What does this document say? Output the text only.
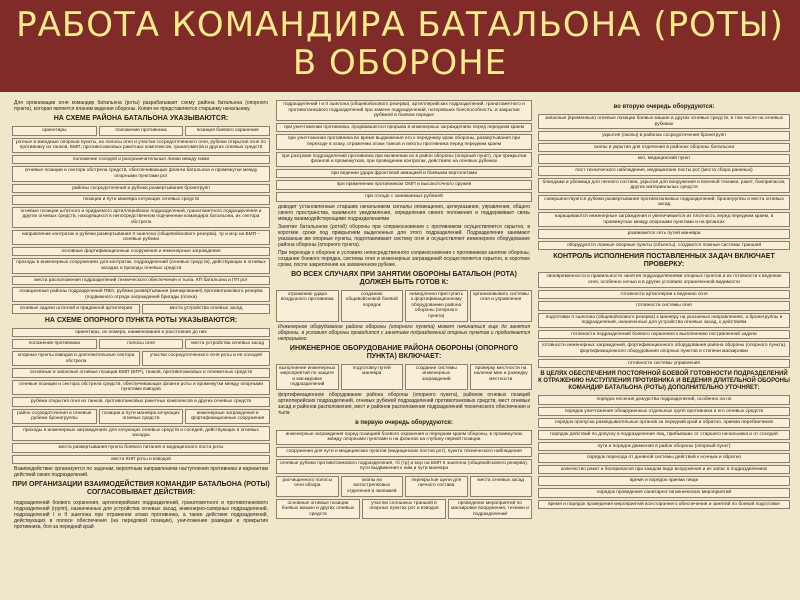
РАБОТА КОМАНДИРА БАТАЛЬОНА (РОТЫ)
В ОБОРОНЕ

Для организации огня командир батальона (роты) разрабатывает схему района батальона (опорного пункта), которая является планом ведения обороны. Копия ее представляется старшему начальнику.

НА СХЕМЕ РАЙОНА БАТАЛЬОНА УКАЗЫВАЮТСЯ:
ориентиры	положение противника	позиция боевого охранения
ротные и взводные опорные пункты, их полосы огня и участки сосредоточенного огня, рубежи открытия огня по противнику из танков, БМП, противотанковых ракетных комплексов, гранатометов и других огневых средств
положение соседей и разграничительные линии между ними
огневые позиции и сектора обстрела средств, обеспечивающих фланги батальона и промежутки между опорными пунктами рот
районы сосредоточения и рубежи развертывания бронегрупп
позиции и пути маневра кочующих огневых средств
огневые позиции штатного и придаемого артиллерийских подразделений, гранатометного подразделения и других огневых средств, находящихся в непосредственном подчинении командира батальона, их сектора обстрела
направление контратак и рубежи развертывания II эшелона (общевойскового резерва), тр и мср на БМП – огневые рубежи
основные фортификационные сооружения и инженерные заграждения
проходы в инженерных сооружениях для контратак, подразделений (огневых средств), действующих в огневых засадах и проходы огневых средств
места расположения подразделений технического обеспечения и тыла, КП батальона и ПП рот
позиционные районы подразделений ПВО, рубежи развертывания (минирования) противотанкового резерва (подвижного отряда заграждений бригады (полка)
огневые задачи штатной и приданной артиллерии	места устройства огневых засад
НА СХЕМЕ ОПОРНОГО ПУНКТА РОТЫ УКАЗЫВАЮТСЯ:
ориентиры, их номера, наименования и расстояния до них
положение противника	полосы огня	места устройства огневых засад
опорные пункты взводов и дополнительные сектора обстрела
участки сосредоточенного огня роты и ее соседей
основные и запасные огневые позиции БМП (БТР), танков, противотанковых и огнеметных средств
огневые позиции и сектора обстрела средств, обеспечивающих фланги роты и промежутки между опорными пунктами взводов
рубежи открытия огня из танков, противотанковых ракетных комплексов и других огневых средств
район сосредоточения и огневые рубежи бронегруппы
позиции и пути маневра кочующих огневых средств
инженерные заграждения и фортификационные сооружения
проходы в инженерных заграждениях для кочующих огневых средств и соседей, действующих в огневых засадах
места развертывания пункта боевого питания и медицинского поста роты
места КНП роты и взводов

Взаимодействие организуется по задачам, вероятным направлениям наступления противника и вариантам действий своих подразделений.

ПРИ ОРГАНИЗАЦИИ ВЗАИМОДЕЙСТВИЯ КОМАНДИР БАТАЛЬОНА (РОТЫ) СОГЛАСОВЫВАЕТ ДЕЙСТВИЯ:

подразделений боевого охранения, артиллерийских подразделений, гранатометного и противотанкового подразделений (групп), назначенных для устройства огневых засад, инженерно-саперных подразделений, подразделений I и II эшелона при отражении атаки противника, а также действия подразделений, действующих в полосе обеспечения (на передовой позиции), уничтожения разведки и прикрытия противника, боя за передний край

подразделений I и II эшелона (общевойскового резерва), артиллерийских подразделений, гранатометного и противотанкового подразделений при замене подразделений, потерявших боеспособность, и закрытии рубежей в боевом порядке
при уничтожении противника, прорвавшегося прорыва в инженерных заграждениях перед передним краем
при уничтожении противника во время выдвижения его к переднему краю обороны, развертывания при переходе в атаку, отражении атаки танков и пехоты противника перед передним краем
при разгроме подразделений противника при вклинении их в район обороны (опорный пункт), при прикрытии флангов и промежутков, при проведении контратак, действиях на огневых рубежах
при ведении удара фронтовой авиацией и боевыми вертолетами
при применении противником ОМП и высокоточного оружия
при отходе с занимаемых рубежей

доводит установленные старшим начальником сигналы оповещения, целеуказания, управления, общего своего пространства, взаимного уведомления, определения своего положения и поддерживает связь между взаимодействующими подразделениями

Занятие батальоном (ротой) обороны при соприкосновении с противником осуществляется скрытно, в короткие сроки под прикрытием выделенных для этого подразделений. Подразделения занимают указанные им опорные пункты, подготавливают систему огня и осуществляют инженерное оборудование района обороны (опорного пункта).

При переходе к обороне в условиях непосредственного соприкосновения с противником занятие обороны, создание боевого порядка, системы огня и инженерных заграждений осуществляется скрытно, в короткие сроки, после закрепления на захваченном рубеже.

ВО ВСЕХ СЛУЧАЯХ ПРИ ЗАНЯТИИ ОБОРОНЫ БАТАЛЬОН (РОТА) ДОЛЖЕН БЫТЬ ГОТОВ К:
отражению удара воздушного противника
созданию общевойсковой боевой порядок
немедленно приступить к фортификационному оборудованию района обороны (опорного пункта)
организовывать системы огня и управления

Инженерное оборудование района обороны (опорного пункта) может начинаться еще до занятия обороны, в условиях обороны проводится с занятием подразделений опорных пунктов и продолжается непрерывно.

ИНЖЕНЕРНОЕ ОБОРУДОВАНИЕ РАЙОНА ОБОРОНЫ (ОПОРНОГО ПУНКТА) ВКЛЮЧАЕТ:
выполнение инженерных мероприятий по защите и маскировке подразделений
подготовку путей маневра
создание системы инженерных заграждений
проверку местности на наличие мин и разведку местности

фортификационное оборудование района обороны (опорного пункта), районов огневых позиций артиллерийских подразделений, огневых рубежей подразделений противотанковых средств, мест огневых засад и районов расположения, мест и районов расположения подразделений технического обеспечения и тыла

в первую очередь оборудуются:
инженерные заграждения перед позицией боевого охранения и передним краем обороны, в промежутках между опорными пунктами и на флангах на глубину первой позиции
сооружения для пути и медицинских пунктов (медицинских постов рот), пункта технического наблюдения
огневые рубежи противотанкового подразделения, тб (тр) и мср на БМП II эшелона (общевойскового резерва), пути выдвижения к ним и пути маневра
расчищенного полосы огня обзора
окопы на мотострелковых отделения и экипажей
перекрытые щели для личного состава
места огневых засад
основные огневые позиции боевых машин и других огневых средств
участки сплошных траншей в опорных пунктах рот и взводов
проведение мероприятий по маскировке вооружения, техники и подразделений
во вторую очередь оборудуются:
запасные (временные) огневые позиции боевых машин и других огневых средств, в том числе на огневых рубежах
укрытия (окопы) в районах сосредоточения бронегрупп
окопы и укрытия для отделения в районах обороны батальона
кнп, медицинский пункт
пост технического наблюдения, медицинские посты рот (места сбора раненых)
блиндажи и убежища для личного состава, укрытия для вооружения и военной техники, ракет, боеприпасов, других материальных средств
совершенствуются рубежи развертывания противотанковых подразделений, бронегруппы и места огневых засад
наращиваются инженерные заграждения и увеличивается их плотность перед передним краем, в промежутках между опорными пунктами и на флангах
развивается сеть путей маневра
оборудуются ложные опорные пункты (объекты), создаются ложные системы траншей
КОНТРОЛЬ ИСПОЛНЕНИЯ ПОСТАВЛЕННЫХ ЗАДАЧ ВКЛЮЧАЕТ ПРОВЕРКУ:
своевременности и правильности занятия подразделениями опорных пунктов и их готовности к ведению огня, особенно ночью и в других условиях ограниченной видимости
готовности артиллерии к ведению огня
готовности системы огня
подготовки II эшелона (общевойскового резерва) к маневру на указанных направлениях, а бронегруппы и подразделений, назначенных для устройства огневых засад, к действиям
готовности подразделений боевого охранения к выполнению поставленной задачи
готовности инженерных заграждений, фортификационного оборудования района обороны (опорного пункта), фортификационного оборудования опорных пунктов и степени маскировки
готовности системы управления
В ЦЕЛЯХ ОБЕСПЕЧЕНИЯ ПОСТОЯННОЙ БОЕВОЙ ГОТОВНОСТИ ПОДРАЗДЕЛЕНИЙ К ОТРАЖЕНИЮ НАСТУПЛЕНИЯ ПРОТИВНИКА И ВЕДЕНИЯ ДЛИТЕЛЬНОЙ ОБОРОНЫ КОМАНДИР БАТАЛЬОНА (РОТЫ) ДОПОЛНИТЕЛЬНО УТОЧНЯЕТ:
порядок несения дежурства подразделений, особенно на нп
порядок уничтожения обнаруженных отдельных групп противника и его огневых средств
порядок пропуска разведывательных органов за передний край и обратно, приема перебежчиков
порядок действий по допуску в подразделения лиц, прибывших от старшего начальника и от соседей
пути и порядок движения в район обороны (опорный пункт)
порядок перехода от дневной системы действий к ночным и обратно
количество ракет и боеприпасов при каждом виде вооружения и их запас в подразделениях
время и порядок приема пищи
порядок проведения санитарно-гигиенических мероприятий
время и порядок проведения мероприятий всестороннего обеспечения и занятий по боевой подготовке
